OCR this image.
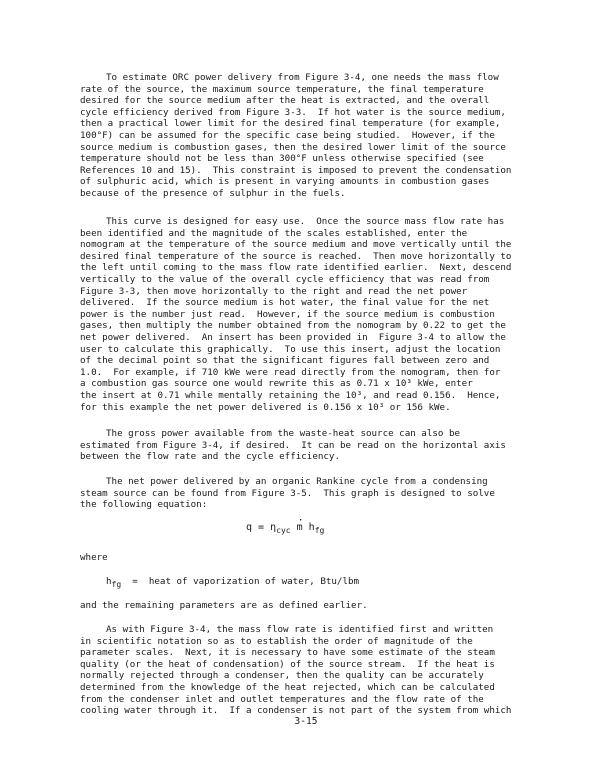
To estimate ORC power delivery from Figure 3-4, one needs the mass flow
rate of the source, the maximum source temperature, the final temperature
desired for the source medium after the heat is extracted, and the overall
cycle efficiency derived from Figure 3-3.  If hot water is the source medium,
then a practical lower limit for the desired final temperature (for example,
100°F) can be assumed for the specific case being studied.  However, if the
source medium is combustion gases, then the desired lower limit of the source
temperature should not be less than 300°F unless otherwise specified (see
References 10 and 15).  This constraint is imposed to prevent the condensation
of sulphuric acid, which is present in varying amounts in combustion gases
because of the presence of sulphur in the fuels.
This curve is designed for easy use.  Once the source mass flow rate has
been identified and the magnitude of the scales established, enter the
nomogram at the temperature of the source medium and move vertically until the
desired final temperature of the source is reached.  Then move horizontally to
the left until coming to the mass flow rate identified earlier.  Next, descend
vertically to the value of the overall cycle efficiency that was read from
Figure 3-3, then move horizontally to the right and read the net power
delivered.  If the source medium is hot water, the final value for the net
power is the number just read.  However, if the source medium is combustion
gases, then multiply the number obtained from the nomogram by 0.22 to get the
net power delivered.  An insert has been provided in  Figure 3-4 to allow the
user to calculate this graphically.  To use this insert, adjust the location
of the decimal point so that the significant figures fall between zero and
1.0.  For example, if 710 kWe were read directly from the nomogram, then for
a combustion gas source one would rewrite this as 0.71 x 10³ kWe, enter
the insert at 0.71 while mentally retaining the 10³, and read 0.156.  Hence,
for this example the net power delivered is 0.156 x 10³ or 156 kWe.
The gross power available from the waste-heat source can also be
estimated from Figure 3-4, if desired.  It can be read on the horizontal axis
between the flow rate and the cycle efficiency.
The net power delivered by an organic Rankine cycle from a condensing
steam source can be found from Figure 3-5.  This graph is designed to solve
the following equation:
$q = \eta_{cyc} \cdot m$ $h_{fg}$
where
hfg  =  heat of vaporization of water, Btu/lbm
and the remaining parameters are as defined earlier.
As with Figure 3-4, the mass flow rate is identified first and written
in scientific notation so as to establish the order of magnitude of the
parameter scales.  Next, it is necessary to have some estimate of the steam
quality (or the heat of condensation) of the source stream.  If the heat is
normally rejected through a condenser, then the quality can be accurately
determined from the knowledge of the heat rejected, which can be calculated
from the condenser inlet and outlet temperatures and the flow rate of the
cooling water through it.  If a condenser is not part of the system from which
3-15
